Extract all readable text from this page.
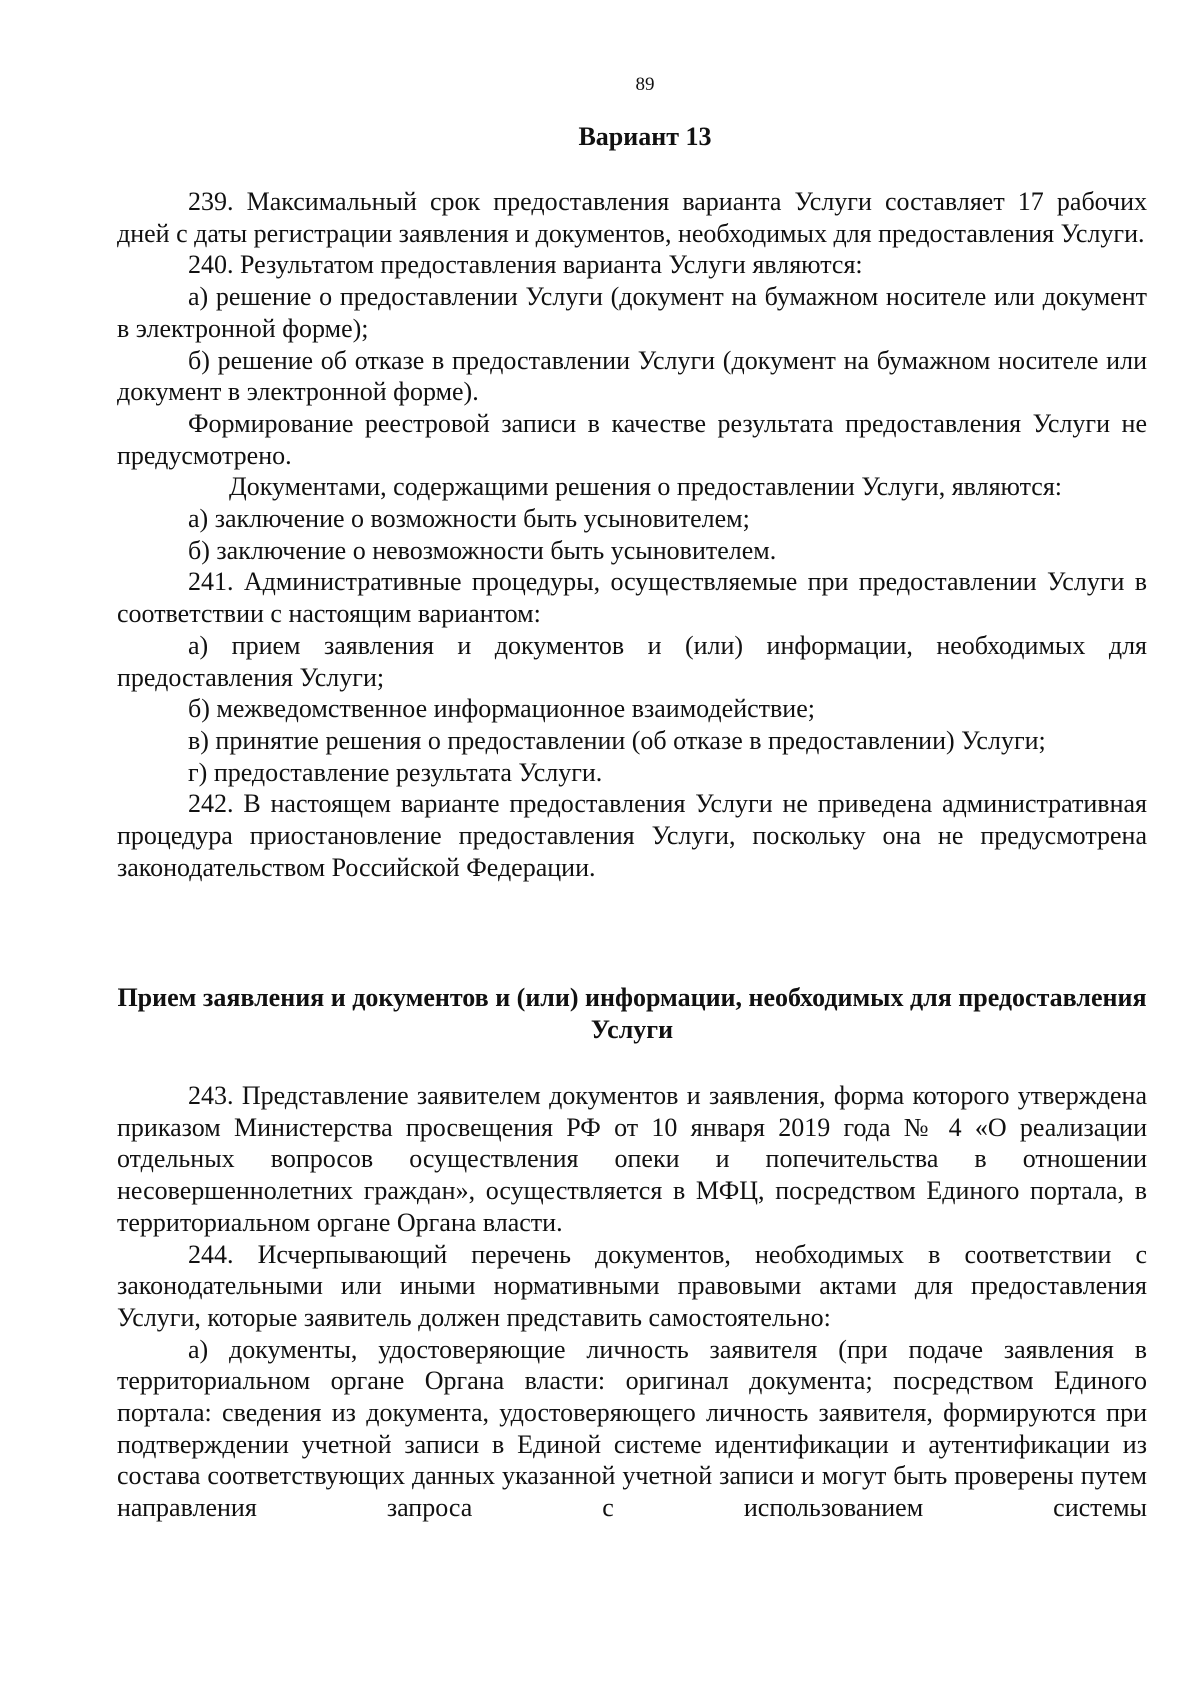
89
Вариант 13

239. Максимальный срок предоставления варианта Услуги составляет 17 рабочих дней с даты регистрации заявления и документов, необходимых для предоставления Услуги.

240. Результатом предоставления варианта Услуги являются:

а) решение о предоставлении Услуги (документ на бумажном носителе или документ в электронной форме);

б) решение об отказе в предоставлении Услуги (документ на бумажном носителе или документ в электронной форме).

Формирование реестровой записи в качестве результата предоставления Услуги не предусмотрено.

Документами, содержащими решения о предоставлении Услуги, являются:

а) заключение о возможности быть усыновителем;

б) заключение о невозможности быть усыновителем.

241. Административные процедуры, осуществляемые при предоставлении Услуги в соответствии с настоящим вариантом:

а) прием заявления и документов и (или) информации, необходимых для предоставления Услуги;

б) межведомственное информационное взаимодействие;

в) принятие решения о предоставлении (об отказе в предоставлении) Услуги;

г) предоставление результата Услуги.

242. В настоящем варианте предоставления Услуги не приведена административная процедура приостановление предоставления Услуги, поскольку она не предусмотрена законодательством Российской Федерации.

Прием заявления и документов и (или) информации, необходимых для предоставления Услуги

243. Представление заявителем документов и заявления, форма которого утверждена приказом Министерства просвещения РФ от 10 января 2019 года № 4 «О реализации отдельных вопросов осуществления опеки и попечительства в отношении несовершеннолетних граждан», осуществляется в МФЦ, посредством Единого портала, в территориальном органе Органа власти.

244. Исчерпывающий перечень документов, необходимых в соответствии с законодательными или иными нормативными правовыми актами для предоставления Услуги, которые заявитель должен представить самостоятельно:

а) документы, удостоверяющие личность заявителя (при подаче заявления в территориальном органе Органа власти: оригинал документа; посредством Единого портала: сведения из документа, удостоверяющего личность заявителя, формируются при подтверждении учетной записи в Единой системе идентификации и аутентификации из состава соответствующих данных указанной учетной записи и могут быть проверены путем направления запроса с использованием системы
